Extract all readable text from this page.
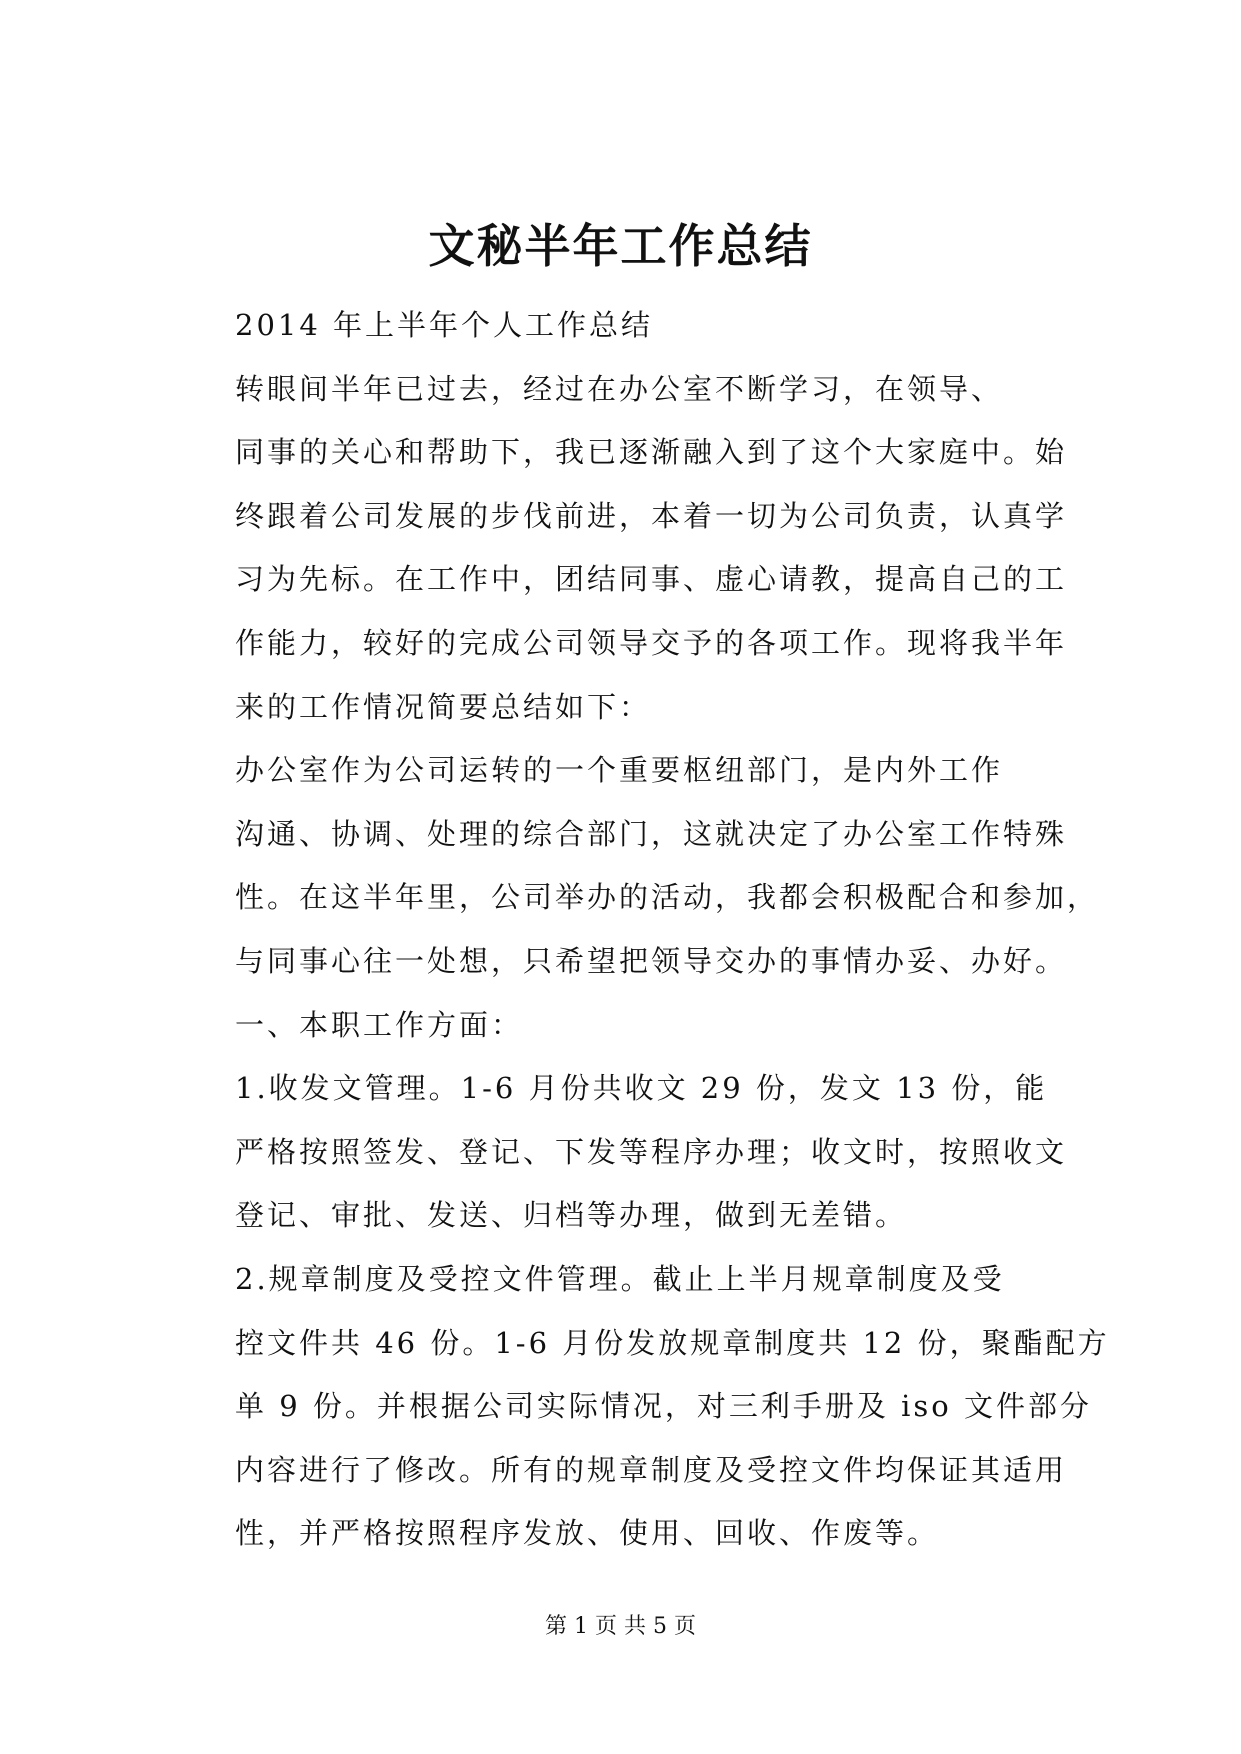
文秘半年工作总结
2014 年上半年个人工作总结
转眼间半年已过去，经过在办公室不断学习，在领导、
同事的关心和帮助下，我已逐渐融入到了这个大家庭中。始
终跟着公司发展的步伐前进，本着一切为公司负责，认真学
习为先标。在工作中，团结同事、虚心请教，提高自己的工
作能力，较好的完成公司领导交予的各项工作。现将我半年
来的工作情况简要总结如下：
办公室作为公司运转的一个重要枢纽部门，是内外工作
沟通、协调、处理的综合部门，这就决定了办公室工作特殊
性。在这半年里，公司举办的活动，我都会积极配合和参加，
与同事心往一处想，只希望把领导交办的事情办妥、办好。
一、本职工作方面：
1.收发文管理。1-6 月份共收文 29 份，发文 13 份，能
严格按照签发、登记、下发等程序办理；收文时，按照收文
登记、审批、发送、归档等办理，做到无差错。
2.规章制度及受控文件管理。截止上半月规章制度及受
控文件共 46 份。1-6 月份发放规章制度共 12 份，聚酯配方
单 9 份。并根据公司实际情况，对三利手册及 iso 文件部分
内容进行了修改。所有的规章制度及受控文件均保证其适用
性，并严格按照程序发放、使用、回收、作废等。
第 1 页 共 5 页
